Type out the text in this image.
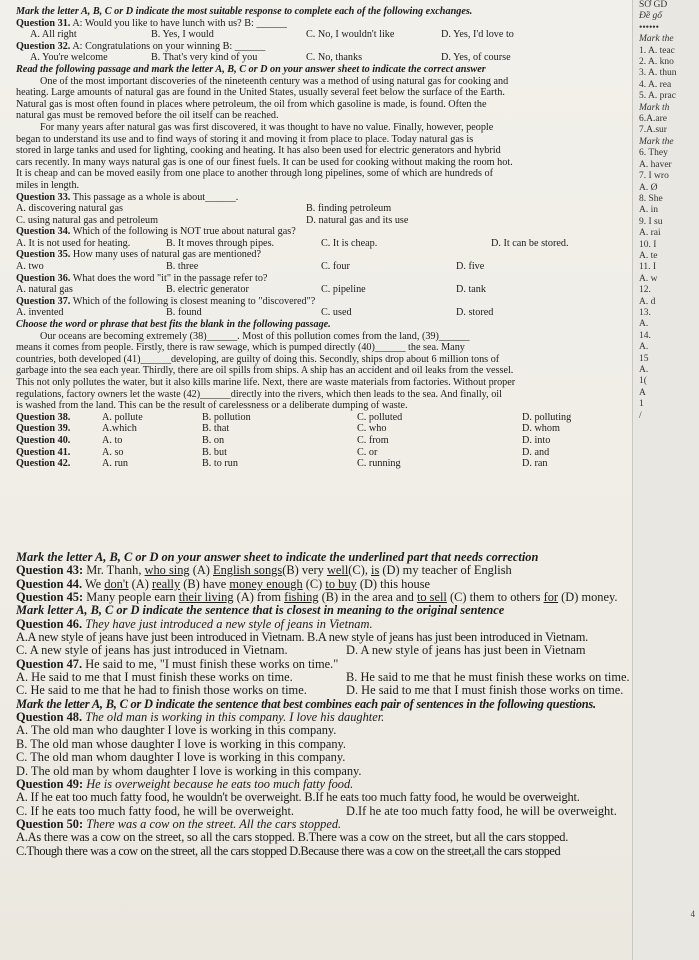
Mark the letter A, B, C or D indicate the most suitable response to complete each of the following exchanges.
Question 31. A: Would you like to have lunch with us? B: ______
A. All right	B. Yes, I would	C. No, I wouldn't like	D. Yes, I'd love to
Question 32. A: Congratulations on your winning B: ______
A. You're welcome	B. That's very kind of you	C. No, thanks	D. Yes, of course
Read the following passage and mark the letter A, B, C or D on your answer sheet to indicate the correct answer
One of the most important discoveries of the nineteenth century was a method of using natural gas for cooking and
heating. Large amounts of natural gas are found in the United States, usually several feet below the surface of the Earth.
Natural gas is most often found in places where petroleum, the oil from which gasoline is made, is found. Often the
natural gas must be removed before the oil itself can be reached.
For many years after natural gas was first discovered, it was thought to have no value. Finally, however, people
began to understand its use and to find ways of storing it and moving it from place to place. Today natural gas is
stored in large tanks and used for lighting, cooking and heating. It has also been used for electric generators and hybrid
cars recently. In many ways natural gas is one of our finest fuels. It can be used for cooking without making the room hot.
It is cheap and can be moved easily from one place to another through long pipelines, some of which are hundreds of
miles in length.
Question 33. This passage as a whole is about______.
A. discovering natural gas	B. finding petroleum
C. using natural gas and petroleum	D. natural gas and its use
Question 34. Which of the following is NOT true about natural gas?
A. It is not used for heating.	B. It moves through pipes.	C. It is cheap.	D. It can be stored.
Question 35. How many uses of natural gas are mentioned?
A. two	B. three	C. four	D. five
Question 36. What does the word "it" in the passage refer to?
A. natural gas	B. electric generator	C. pipeline	D. tank
Question 37. Which of the following is closest meaning to "discovered"?
A. invented	B. found	C. used	D. stored
Choose the word or phrase that best fits the blank in the following passage.
Our oceans are becoming extremely (38)______. Most of this pollution comes from the land, (39)______
means it comes from people. Firstly, there is raw sewage, which is pumped directly (40)______ the sea. Many
countries, both developed (41)______developing, are guilty of doing this. Secondly, ships drop about 6 million tons of
garbage into the sea each year. Thirdly, there are oil spills from ships. A ship has an accident and oil leaks from the vessel.
This not only pollutes the water, but it also kills marine life. Next, there are waste materials from factories. Without proper
regulations, factory owners let the waste (42)______directly into the rivers, which then leads to the sea. And finally, oil
is washed from the land. This can be the result of carelessness or a deliberate dumping of waste.
Question 38.	A. pollute	B. pollution	C. polluted	D. polluting
Question 39.	A.which	B. that	C. who	D. whom
Question 40.	A. to	B. on	C. from	D. into
Question 41.	A. so	B. but	C. or	D. and
Question 42.	A. run	B. to run	C. running	D. ran
Mark the letter A, B, C or D on your answer sheet to indicate the underlined part that needs correction
Question 43: Mr. Thanh, who sing (A) English songs(B) very well(C), is (D) my teacher of English
Question 44. We don't (A) really (B) have money enough (C) to buy (D) this house
Question 45: Many people earn their living (A) from fishing (B) in the area and to sell (C) them to others for (D) money.
Mark letter A, B, C or D indicate the sentence that is closest in meaning to the original sentence
Question 46. They have just introduced a new style of jeans in Vietnam.
A.A new style of jeans have just been introduced in Vietnam. B.A new style of jeans has just been introduced in Vietnam.
C. A new style of jeans has just introduced in Vietnam.	D. A new style of jeans has just been in Vietnam
Question 47. He said to me, "I must finish these works on time."
A. He said to me that I must finish these works on time.	B. He said to me that he must finish these works on time.
C. He said to me that he had to finish those works on time.	D. He said to me that I must finish those works on time.
Mark the letter A, B, C or D indicate the sentence that best combines each pair of sentences in the following questions.
Question 48. The old man is working in this company. I love his daughter.
A. The old man who daughter I love is working in this company.
B. The old man whose daughter I love is working in this company.
C. The old man whom daughter I love is working in this company.
D. The old man by whom daughter I love is working in this company.
Question 49: He is overweight because he eats too much fatty food.
A. If he eat too much fatty food, he wouldn't be overweight. B.If he eats too much fatty food, he would be overweight.
C. If he eats too much fatty food, he will be overweight.	D.If he ate too much fatty food, he will be overweight.
Question 50: There was a cow on the street. All the cars stopped.
A.As there was a cow on the street, so all the cars stopped. B.There was a cow on the street, but all the cars stopped.
C.Though there was a cow on the street, all the cars stopped D.Because there was a cow on the street,all the cars stopped
SỞ GD
Đề gố
••••••
Mark the
1. A. teac
2. A. kno
3. A. thun
4. A. rea
5. A. prac
Mark th
6.A.are
7.A.sur
Mark the
6. They
A. haver
7. I wro
A. Ø
8. She
A. in
9. I su
A. rai
10. I
A. te
11. I
A. w
12.
A. d
13.
A.
14.
A.
15
A.
1(
A
1
/
4
